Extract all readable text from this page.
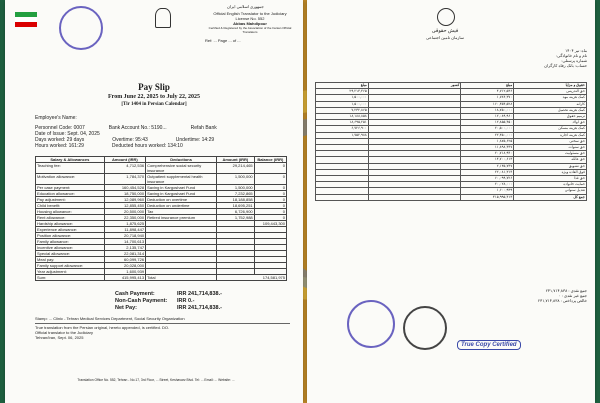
جمهوری اسلامی ایران
Official English Translator to the Judiciary
License No. 552
Abbas Mahdipour
Certified & Registered by the Association of the Iranian Official Translators
Ref: ... Page ... of ...
Pay Slip
From June 22, 2025 to July 22, 2025
[Tir 1404 in Persian Calendar]
Employee's Name:
Personnel Code: 0007	Bank Account No.: 5190...	Refah Bank
Date of Issue: Sept. 04, 2025
Days worked: 29 days	Overtime: 95:43	Undertime: 14:29
Hours worked: 161:29	Deducted hours worked: 134:10
Salary & Allowances	Amount (IRR)	Deductions	Amount (IRR)	Balance (IRR)
Teaching fee:	4,712,536	Comprehensive social security insurance	29,214,465	0
Motivation allowance:	1,784,370	Outpatient supplemental health insurance	1,500,000	0
Per case payment:	160,454,528	Saving in Kargoshaei Fund	1,500,000	0
Education allowance:	18,750,000	Saving in Kargoshaei Fund	7,232,865	0
Pay adjustment:	12,089,960	Deduction on overtime	18,188,858	0
Child benefit:	12,855,450	Deduction on undertime	18,695,251	0
Housing allowance:	20,500,000	Tax	6,726,900	0
Rent allowance:	22,350,000	Retired insurance premium	1,752,988	0
Hardship allowance:	1,875,625			109,443,300
Experience allowance:	11,898,447			
Position allowance:	20,718,940			
Family allowance:	14,700,613			
Incentive allowance:	2,135,747			
Special allowance:	22,081,314			
Meal pay:	60,099,726			
Family support allowance:	20,028,000			
Year adjustment:	1,600,939			
Sum:	415,995,413	Total	174,581,975	
Cash Payment:	IRR 241,714,838.-
Non-Cash Payment:	IRR 0.-
Net Pay:	IRR 241,714,838.-
Stamp: ... Clinic - Tehran Medical Services Department, Social Security Organization
True translation from the Persian original, hereto appended, is certified. DO.
Official translator to the Judiciary
Tehran/Iran, Sept. 06, 2025
Translation Office No. 552, Tehran - No.17, 3rd Floor, ... Street, Keshavarz Blvd. Tel: ... Email: ... Website: ...
فیش حقوقی
سازمان تامین اجتماعی
ماه: تیر ۱۴۰۴
نام و نام خانوادگی:
شماره پرسنلی:
حساب: بانک رفاه کارگران
حقوق و مزایا	مبلغ	کسور	مبلغ
حق التدریس	۴,۷۱۲,۵۳۶		۲۹,۲۱۴,۴۶۵
کمک هزینه مهد	۱,۷۸۴,۳۷۰		۱,۵۰۰,۰۰۰
کارانه	۱۶۰,۴۵۴,۵۲۸		۱,۵۰۰,۰۰۰
کمک هزینه تحصیل	۱۸,۷۵۰,۰۰۰		۷,۲۳۲,۸۶۵
ترمیم حقوق	۱۲,۰۸۹,۹۶۰		۱۸,۱۸۸,۸۵۸
حق اولاد	۱۲,۸۵۵,۴۵۰		۱۸,۶۹۵,۲۵۱
کمک هزینه مسکن	۲۰,۵۰۰,۰۰۰		۶,۷۲۶,۹۰۰
کمک هزینه اجاره	۲۲,۳۵۰,۰۰۰		۱,۷۵۲,۹۸۸
حق سختی	۱,۸۷۵,۶۲۵		
حق سنوات	۱۱,۸۹۸,۴۴۷		
حق مسئولیت	۲۰,۷۱۸,۹۴۰		
حق عائله	۱۴,۷۰۰,۶۱۳		
حق تشویق	۲,۱۳۵,۷۴۷		
فوق العاده ویژه	۲۲,۰۸۱,۳۱۴		
حق غذا	۶۰,۰۹۹,۷۲۶		
حمایت خانواده	۲۰,۰۲۸,۰۰۰		
تعدیل سنواتی	۱,۶۰۰,۹۳۹		
جمع کل	۴۱۵,۹۹۵,۴۱۳		
جمع نقدی : ۲۴۱,۷۱۴,۸۳۸
جمع غیر نقدی : ۰
خالص پرداختی : ۲۴۱,۷۱۴,۸۳۸
True Copy Certified
